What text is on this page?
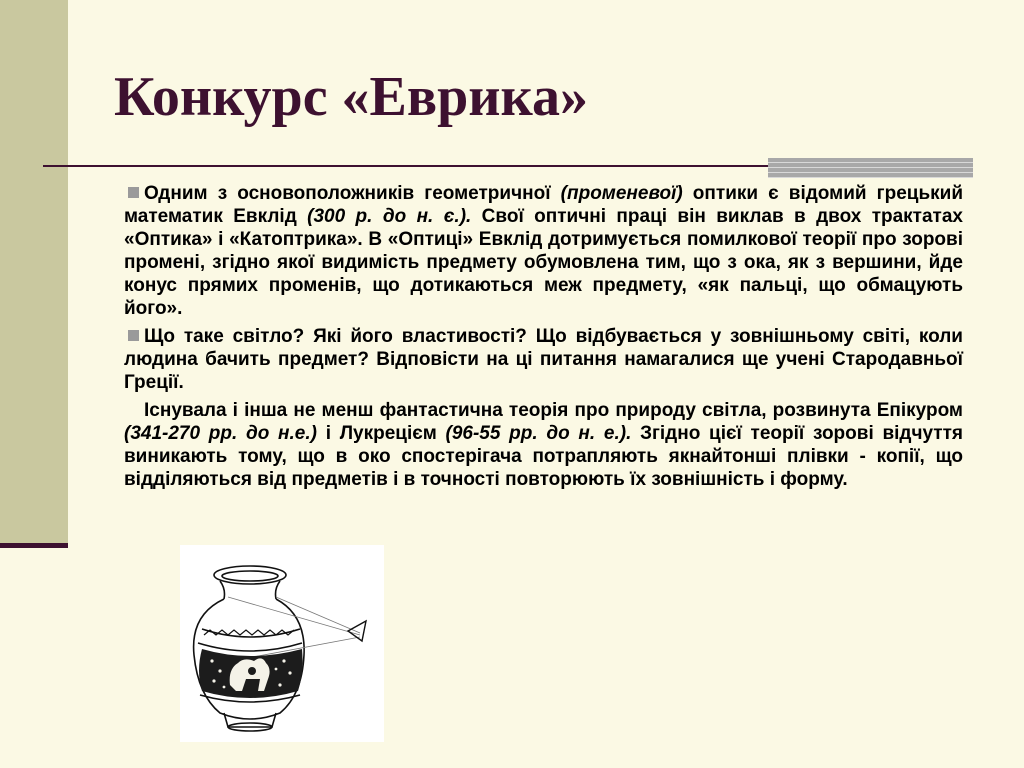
Конкурс «Еврика»

Одним з основоположників геометричної (променевої) оптики є відомий грецький математик Евклід (300 р. до н. є.). Свої оптичні праці він виклав в двох трактатах «Оптика» і «Катоптрика». В «Оптиці» Евклід дотримується помилкової теорії про зорові промені, згідно якої видимість предмету обумовлена тим, що з ока, як з вершини, йде конус прямих променів, що дотикаються меж предмету, «як пальці, що обмацують його».

Що таке світло? Які його властивості? Що відбувається у зовнішньому світі, коли людина бачить предмет? Відповісти на ці питання намагалися ще учені Стародавньої Греції.

Існувала і інша не менш фантастична теорія про природу світла, розвинута Епікуром (341-270 рр. до н.е.) і Лукрецієм (96-55 рр. до н. е.). Згідно цієї теорії зорові відчуття виникають тому, що в око спостерігача потрапляють якнайтонші плівки - копії, що відділяються від предметів і в точності повторюють їх зовнішність і форму.
